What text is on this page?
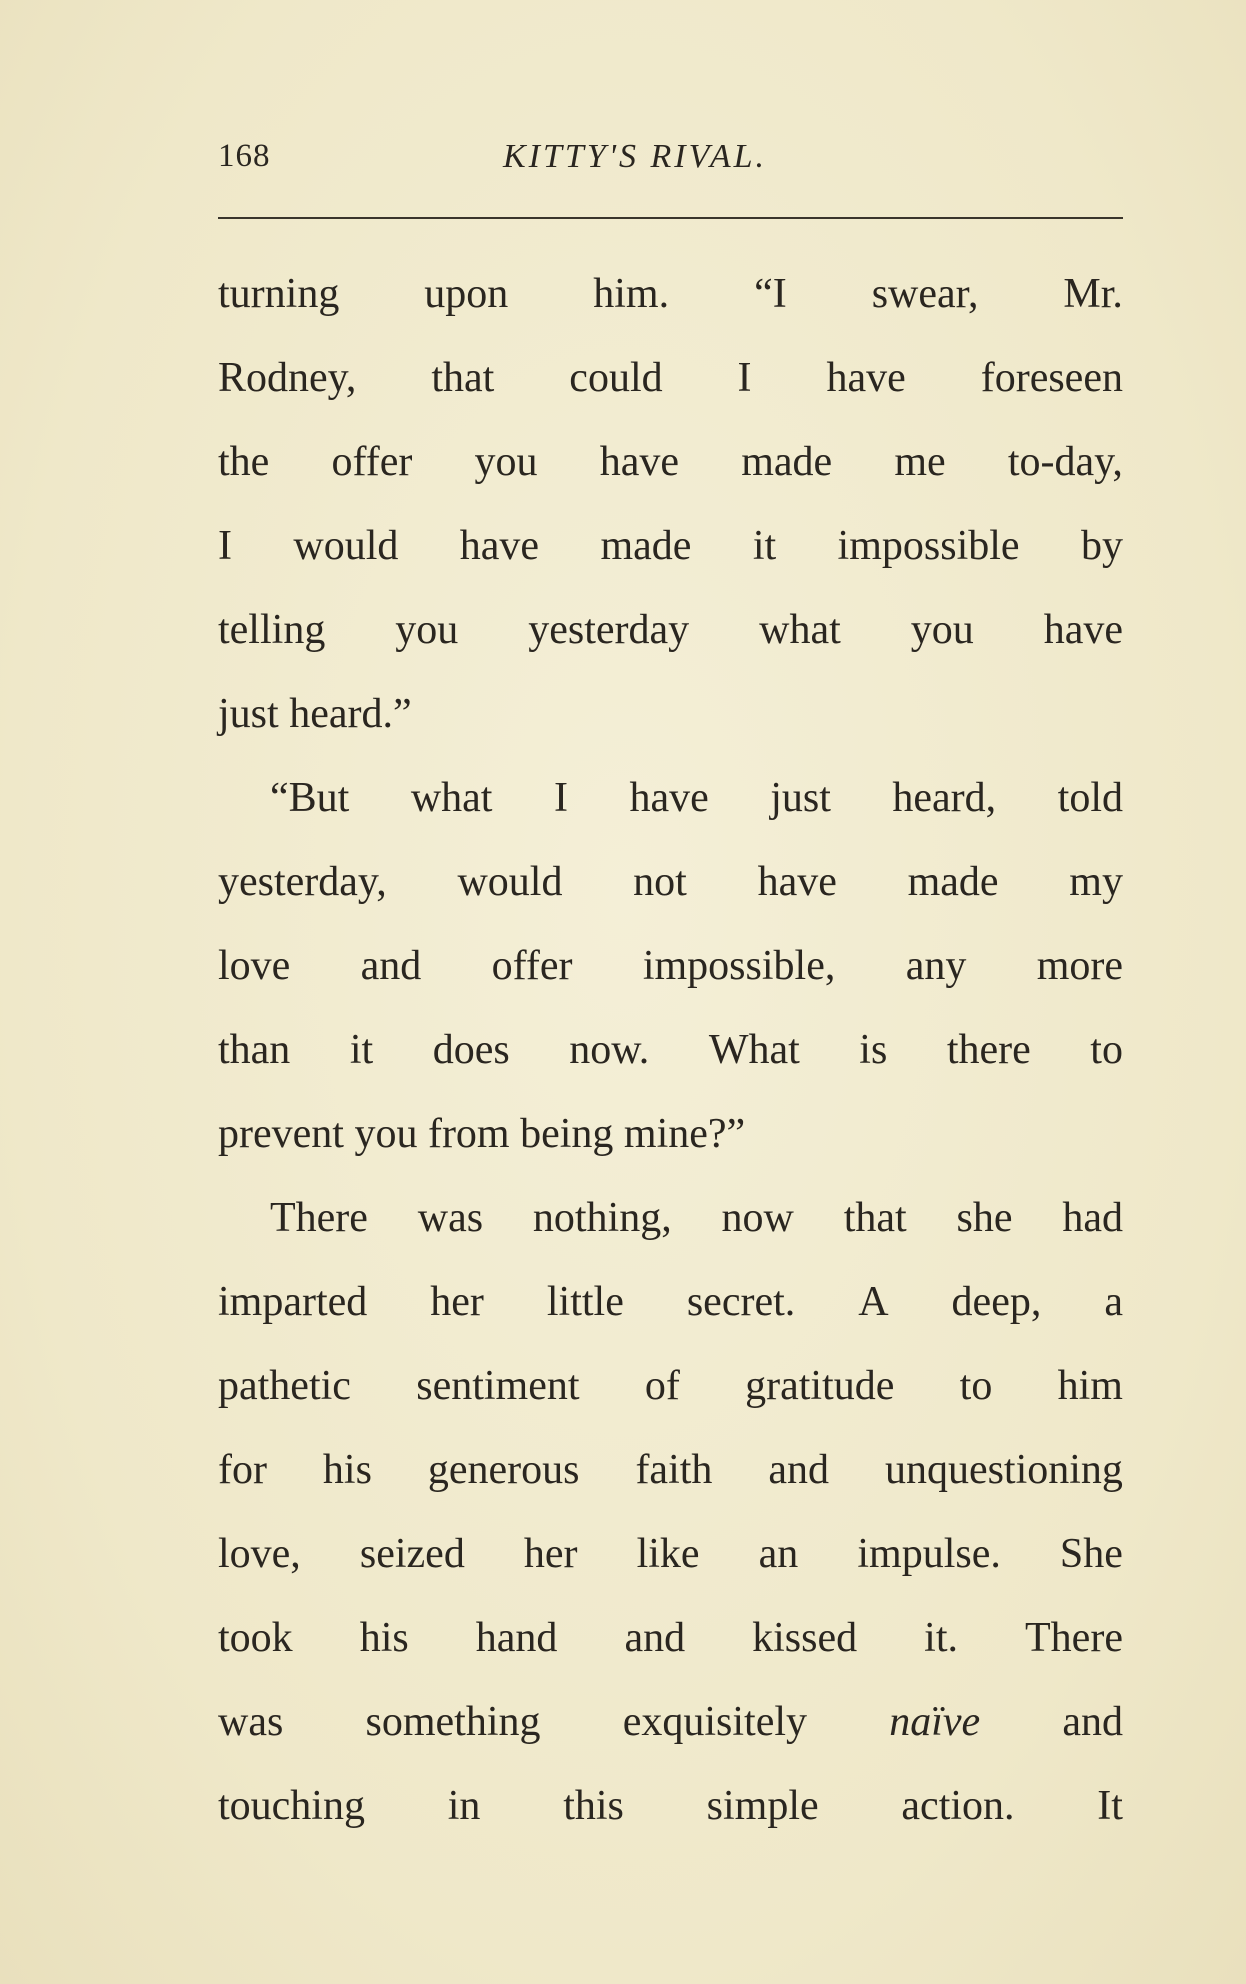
168	KITTY'S RIVAL.
turning upon him. “I swear, Mr.
Rodney, that could I have foreseen
the offer you have made me to-day,
I would have made it impossible by
telling you yesterday what you have
just
heard.”
“But what I have just heard, told
yesterday, would not have made my
love and offer impossible, any more
than it does now. What is there to
prevent
you
from
being
mine?”
There was nothing, now that she had
imparted her little secret. A deep, a
pathetic sentiment of gratitude to him
for his generous faith and unquestioning
love, seized her like an impulse. She
took his hand and kissed it. There
was something exquisitely naïve and
touching in this simple action. It
